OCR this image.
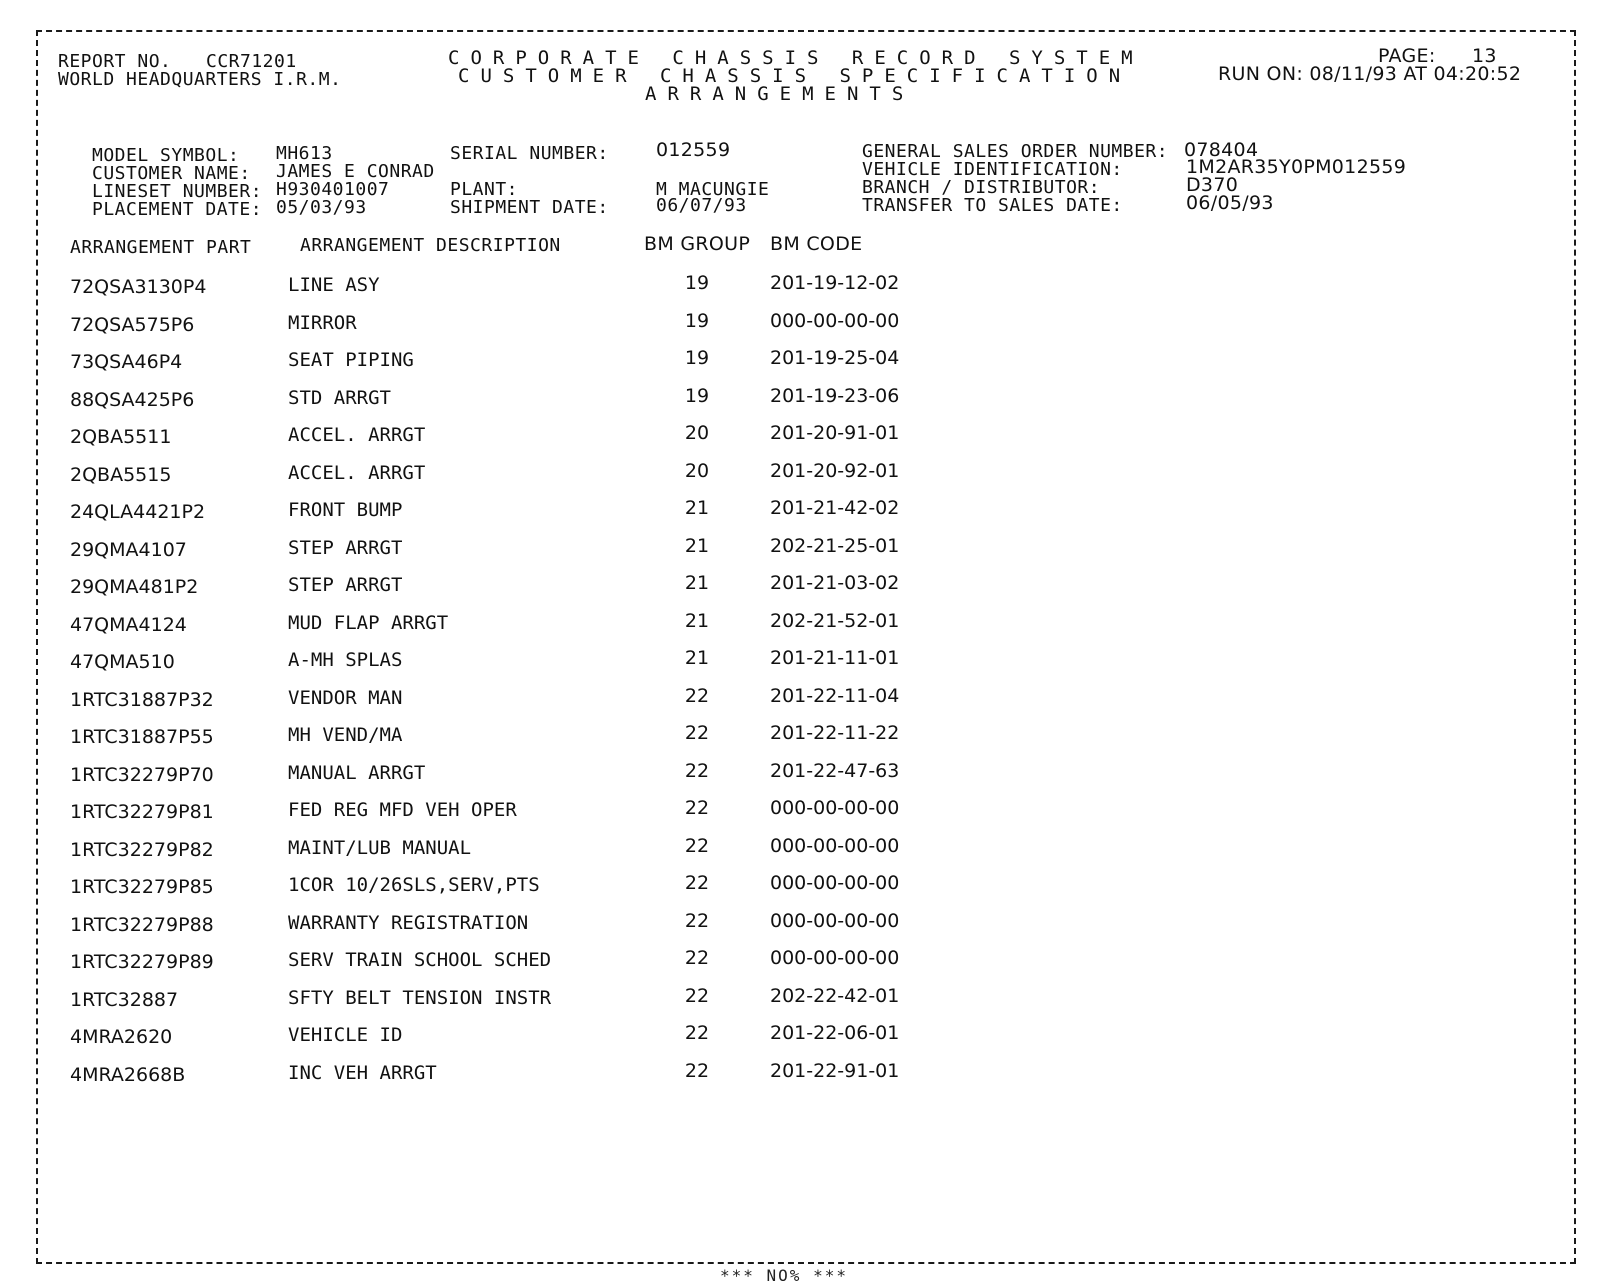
REPORT NO. CCR71201
WORLD HEADQUARTERS I.R.M.
CORPORATE CHASSIS RECORD SYSTEM
CUSTOMER CHASSIS SPECIFICATION
ARRANGEMENTS
PAGE: 13
RUN ON: 08/11/93 AT 04:20:52
MODEL SYMBOL: MH613
CUSTOMER NAME: JAMES E CONRAD
LINESET NUMBER: H930401007
PLACEMENT DATE: 05/03/93
SERIAL NUMBER: 012559
PLANT:	M MACUNGIE
SHIPMENT DATE:	06/07/93
GENERAL SALES ORDER NUMBER: 078404
VEHICLE IDENTIFICATION:	1M2AR35Y0PM012559
BRANCH / DISTRIBUTOR:	D370
TRANSFER TO SALES DATE:	06/05/93
ARRANGEMENT PART	ARRANGEMENT DESCRIPTION	BM GROUP BM CODE
72QSA3130P4	LINE ASY	19	201-19-12-02
72QSA575P6	MIRROR	19	000-00-00-00
73QSA46P4	SEAT PIPING	19	201-19-25-04
88QSA425P6	STD ARRGT	19	201-19-23-06
2QBA5511	ACCEL. ARRGT	20	201-20-91-01
2QBA5515	ACCEL. ARRGT	20	201-20-92-01
24QLA4421P2	FRONT BUMP	21	201-21-42-02
29QMA4107	STEP ARRGT	21	202-21-25-01
29QMA481P2	STEP ARRGT	21	201-21-03-02
47QMA4124	MUD FLAP ARRGT	21	202-21-52-01
47QMA510	A-MH SPLAS	21	201-21-11-01
1RTC31887P32	VENDOR MAN	22	201-22-11-04
1RTC31887P55	MH VEND/MA	22	201-22-11-22
1RTC32279P70	MANUAL ARRGT	22	201-22-47-63
1RTC32279P81	FED REG MFD VEH OPER	22	000-00-00-00
1RTC32279P82	MAINT/LUB MANUAL	22	000-00-00-00
1RTC32279P85	1COR 10/26SLS,SERV,PTS	22	000-00-00-00
1RTC32279P88	WARRANTY REGISTRATION	22	000-00-00-00
1RTC32279P89	SERV TRAIN SCHOOL SCHED	22	000-00-00-00
1RTC32887	SFTY BELT TENSION INSTR	22	202-22-42-01
4MRA2620	VEHICLE ID	22	201-22-06-01
4MRA2668B	INC VEH ARRGT	22	201-22-91-01
*** NO% ***
